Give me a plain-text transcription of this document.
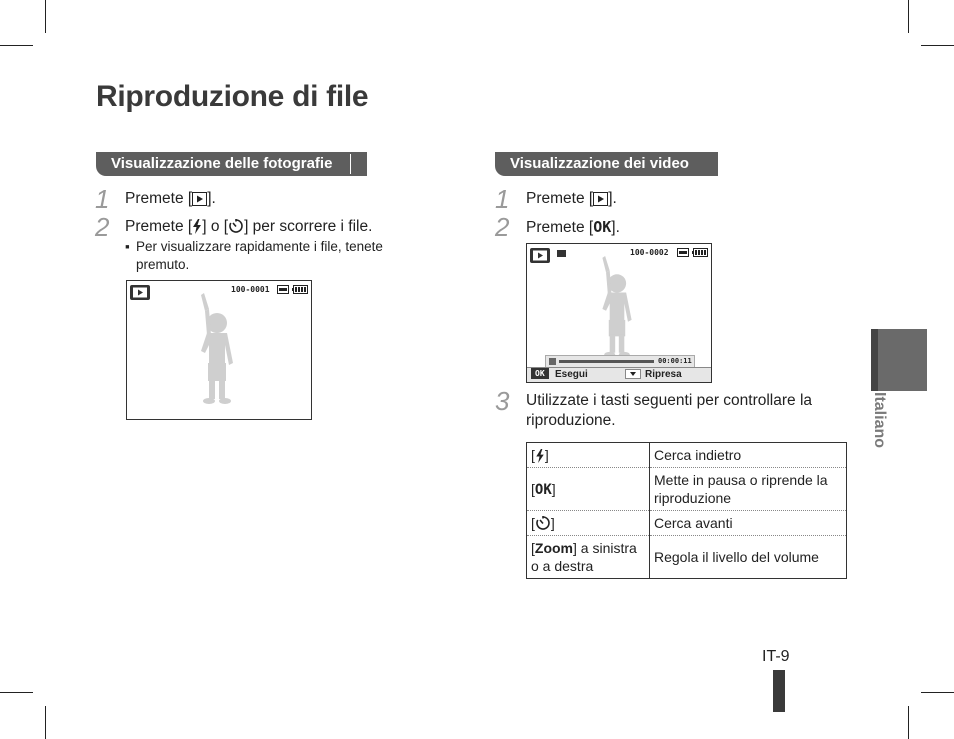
Riproduzione di file
Visualizzazione delle fotografie
1 Premete [ ].
2 Premete [ ] o [ ] per scorrere i file.
▪ Per visualizzare rapidamente i file, tenete premuto.
100-0001
Visualizzazione dei video
1 Premete [ ].
2 Premete [OK].
100-0002
00:00:11
OK	Esegui	Ripresa
3 Utilizzate i tasti seguenti per controllare la riproduzione.
[ ]	Cerca indietro
[OK]	Mette in pausa o riprende la riproduzione
[ ]	Cerca avanti
[Zoom] a sinistra o a destra	Regola il livello del volume
Italiano
IT-9
